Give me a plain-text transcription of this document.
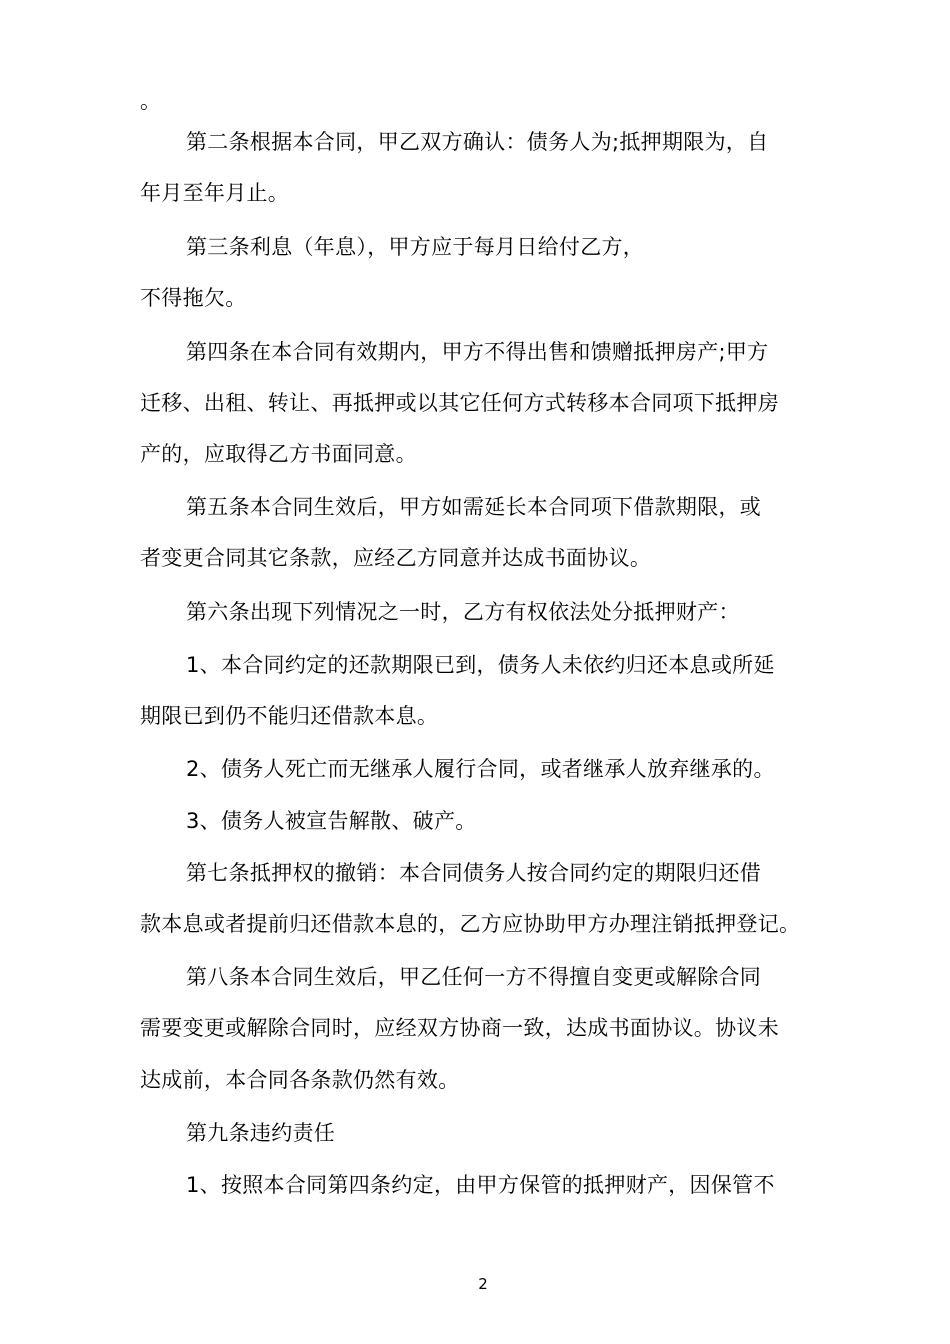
。
第二条根据本合同，甲乙双方确认：债务人为;抵押期限为，自
年月至年月止。
第三条利息（年息），甲方应于每月日给付乙方，
不得拖欠。
第四条在本合同有效期内，甲方不得出售和馈赠抵押房产;甲方
迁移、出租、转让、再抵押或以其它任何方式转移本合同项下抵押房
产的，应取得乙方书面同意。
第五条本合同生效后，甲方如需延长本合同项下借款期限，或
者变更合同其它条款，应经乙方同意并达成书面协议。
第六条出现下列情况之一时，乙方有权依法处分抵押财产：
1、本合同约定的还款期限已到，债务人未依约归还本息或所延
期限已到仍不能归还借款本息。
2、债务人死亡而无继承人履行合同，或者继承人放弃继承的。
3、债务人被宣告解散、破产。
第七条抵押权的撤销：本合同债务人按合同约定的期限归还借
款本息或者提前归还借款本息的，乙方应协助甲方办理注销抵押登记。
第八条本合同生效后，甲乙任何一方不得擅自变更或解除合同
需要变更或解除合同时，应经双方协商一致，达成书面协议。协议未
达成前，本合同各条款仍然有效。
第九条违约责任
1、按照本合同第四条约定，由甲方保管的抵押财产，因保管不
2
